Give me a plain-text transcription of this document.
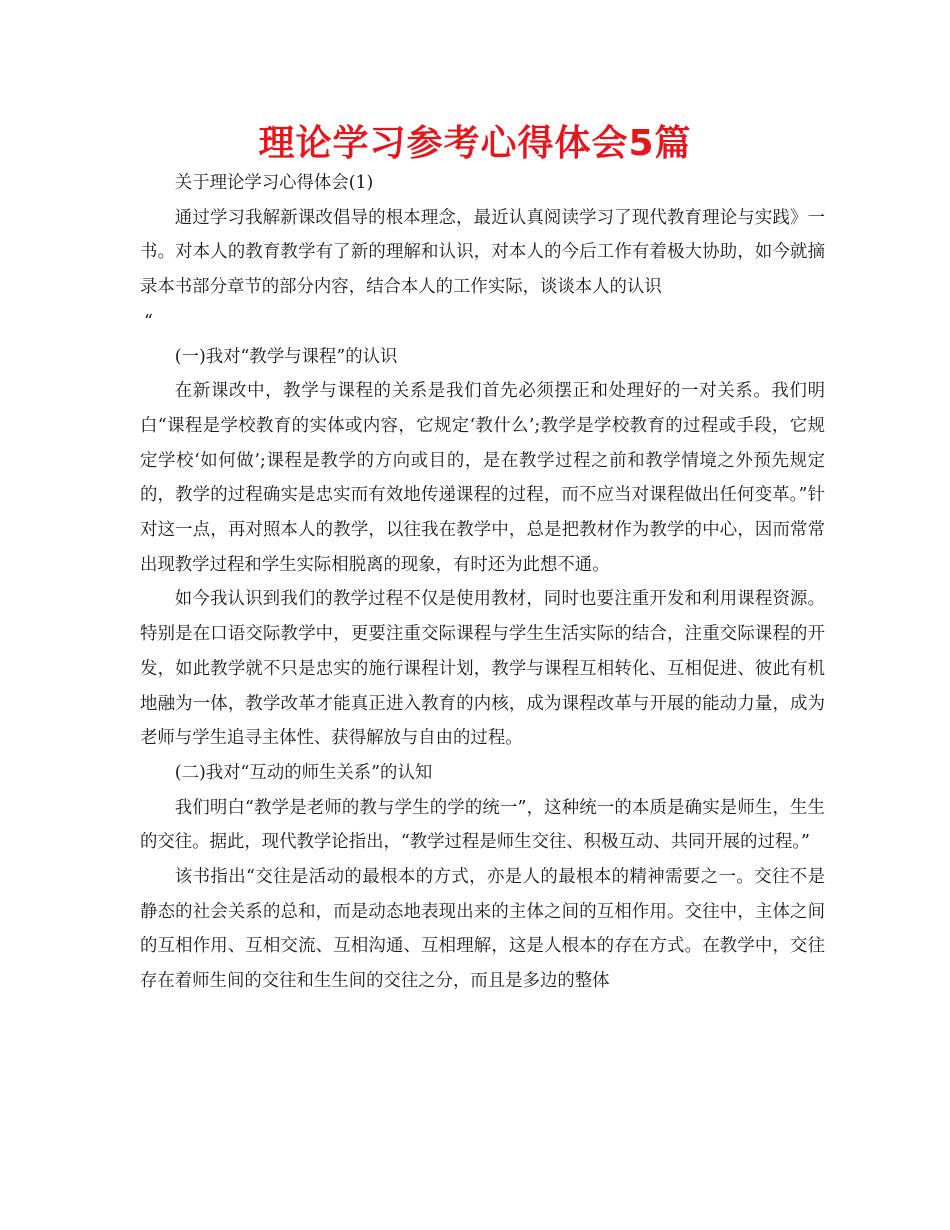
理论学习参考心得体会5篇

关于理论学习心得体会(1)

通过学习我解新课改倡导的根本理念，最近认真阅读学习了现代教育理论与实践》一书。对本人的教育教学有了新的理解和认识，对本人的今后工作有着极大协助，如今就摘录本书部分章节的部分内容，结合本人的工作实际，谈谈本人的认识

“

(一)我对“教学与课程”的认识

在新课改中，教学与课程的关系是我们首先必须摆正和处理好的一对关系。我们明白“课程是学校教育的实体或内容，它规定‘教什么’;教学是学校教育的过程或手段，它规定学校‘如何做’;课程是教学的方向或目的，是在教学过程之前和教学情境之外预先规定的，教学的过程确实是忠实而有效地传递课程的过程，而不应当对课程做出任何变革。”针对这一点，再对照本人的教学，以往我在教学中，总是把教材作为教学的中心，因而常常出现教学过程和学生实际相脱离的现象，有时还为此想不通。

如今我认识到我们的教学过程不仅是使用教材，同时也要注重开发和利用课程资源。特别是在口语交际教学中，更要注重交际课程与学生生活实际的结合，注重交际课程的开发，如此教学就不只是忠实的施行课程计划，教学与课程互相转化、互相促进、彼此有机地融为一体，教学改革才能真正进入教育的内核，成为课程改革与开展的能动力量，成为老师与学生追寻主体性、获得解放与自由的过程。

(二)我对“互动的师生关系”的认知

我们明白“教学是老师的教与学生的学的统一”，这种统一的本质是确实是师生，生生的交往。据此，现代教学论指出，“教学过程是师生交往、积极互动、共同开展的过程。”

该书指出“交往是活动的最根本的方式，亦是人的最根本的精神需要之一。交往不是静态的社会关系的总和，而是动态地表现出来的主体之间的互相作用。交往中，主体之间的互相作用、互相交流、互相沟通、互相理解，这是人根本的存在方式。在教学中，交往存在着师生间的交往和生生间的交往之分，而且是多边的整体
